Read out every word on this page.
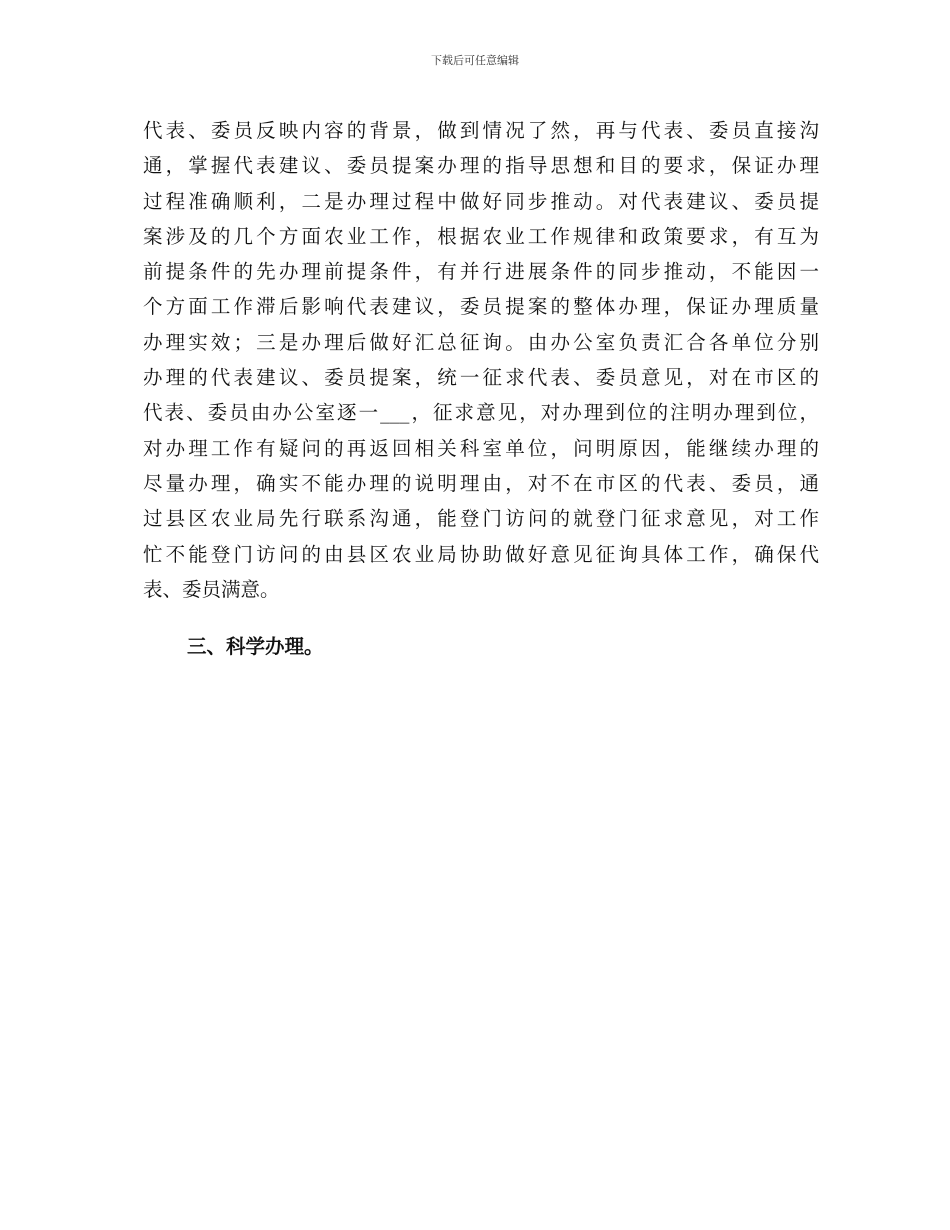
下载后可任意编辑
代表、委员反映内容的背景，做到情况了然，再与代表、委员直接沟
通，掌握代表建议、委员提案办理的指导思想和目的要求，保证办理
过程准确顺利，二是办理过程中做好同步推动。对代表建议、委员提
案涉及的几个方面农业工作，根据农业工作规律和政策要求，有互为
前提条件的先办理前提条件，有并行进展条件的同步推动，不能因一
个方面工作滞后影响代表建议，委员提案的整体办理，保证办理质量
办理实效；三是办理后做好汇总征询。由办公室负责汇合各单位分别
办理的代表建议、委员提案，统一征求代表、委员意见，对在市区的
代表、委员由办公室逐一___，征求意见，对办理到位的注明办理到位，
对办理工作有疑问的再返回相关科室单位，问明原因，能继续办理的
尽量办理，确实不能办理的说明理由，对不在市区的代表、委员，通
过县区农业局先行联系沟通，能登门访问的就登门征求意见，对工作
忙不能登门访问的由县区农业局协助做好意见征询具体工作，确保代
表、委员满意。
三、科学办理。
